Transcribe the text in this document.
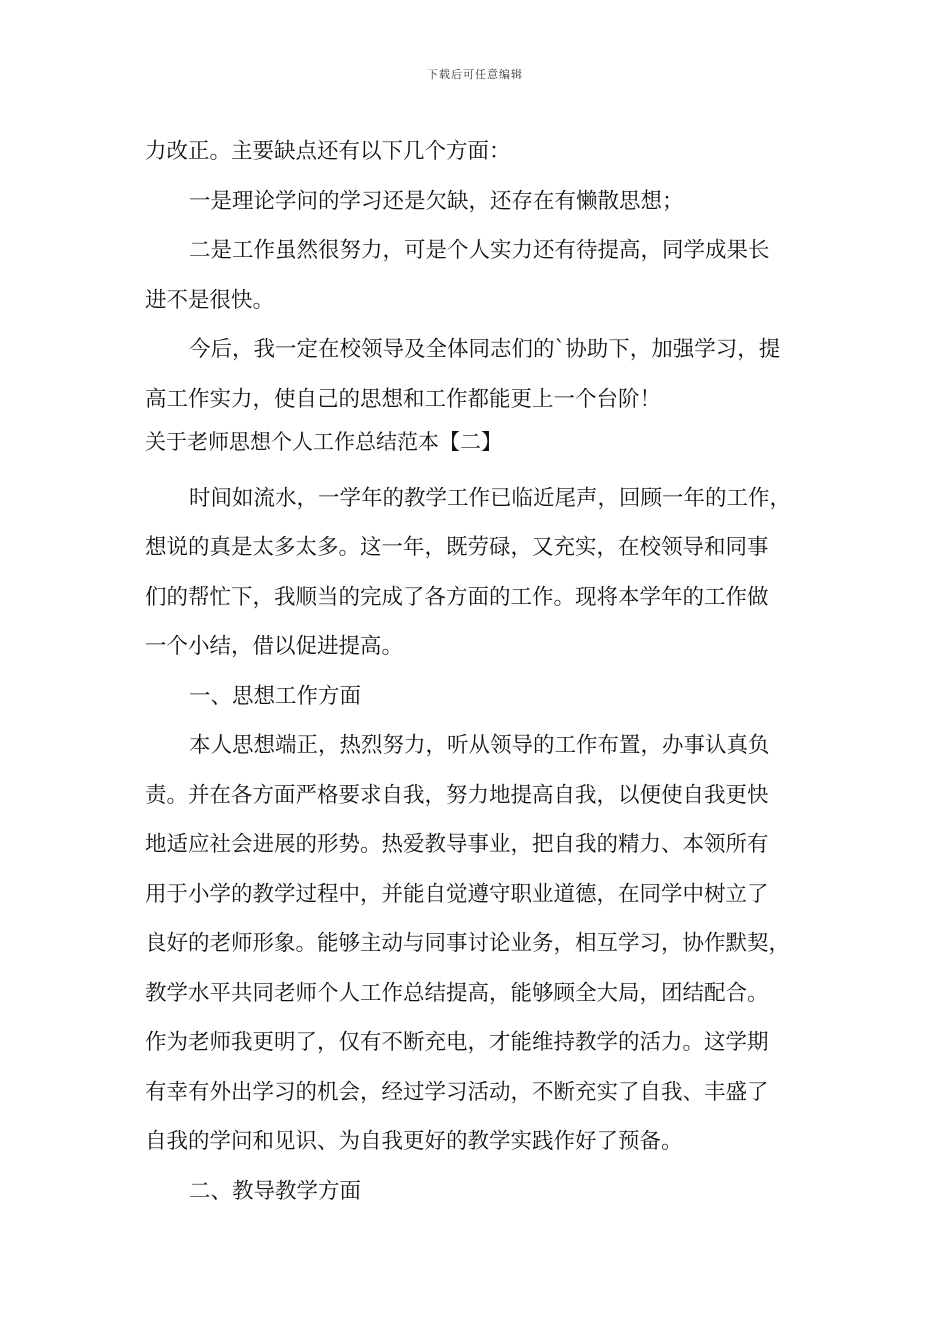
下载后可任意编辑

力改正。主要缺点还有以下几个方面：

一是理论学问的学习还是欠缺，还存在有懒散思想；

二是工作虽然很努力，可是个人实力还有待提高，同学成果长

进不是很快。

今后，我一定在校领导及全体同志们的`协助下，加强学习，提

高工作实力，使自己的思想和工作都能更上一个台阶！

关于老师思想个人工作总结范本【二】

时间如流水，一学年的教学工作已临近尾声，回顾一年的工作，

想说的真是太多太多。这一年，既劳碌，又充实，在校领导和同事

们的帮忙下，我顺当的完成了各方面的工作。现将本学年的工作做

一个小结，借以促进提高。

一、思想工作方面

本人思想端正，热烈努力，听从领导的工作布置，办事认真负

责。并在各方面严格要求自我，努力地提高自我，以便使自我更快

地适应社会进展的形势。热爱教导事业，把自我的精力、本领所有

用于小学的教学过程中，并能自觉遵守职业道德，在同学中树立了

良好的老师形象。能够主动与同事讨论业务，相互学习，协作默契，

教学水平共同老师个人工作总结提高，能够顾全大局，团结配合。

作为老师我更明了，仅有不断充电，才能维持教学的活力。这学期

有幸有外出学习的机会，经过学习活动，不断充实了自我、丰盛了

自我的学问和见识、为自我更好的教学实践作好了预备。

二、教导教学方面
